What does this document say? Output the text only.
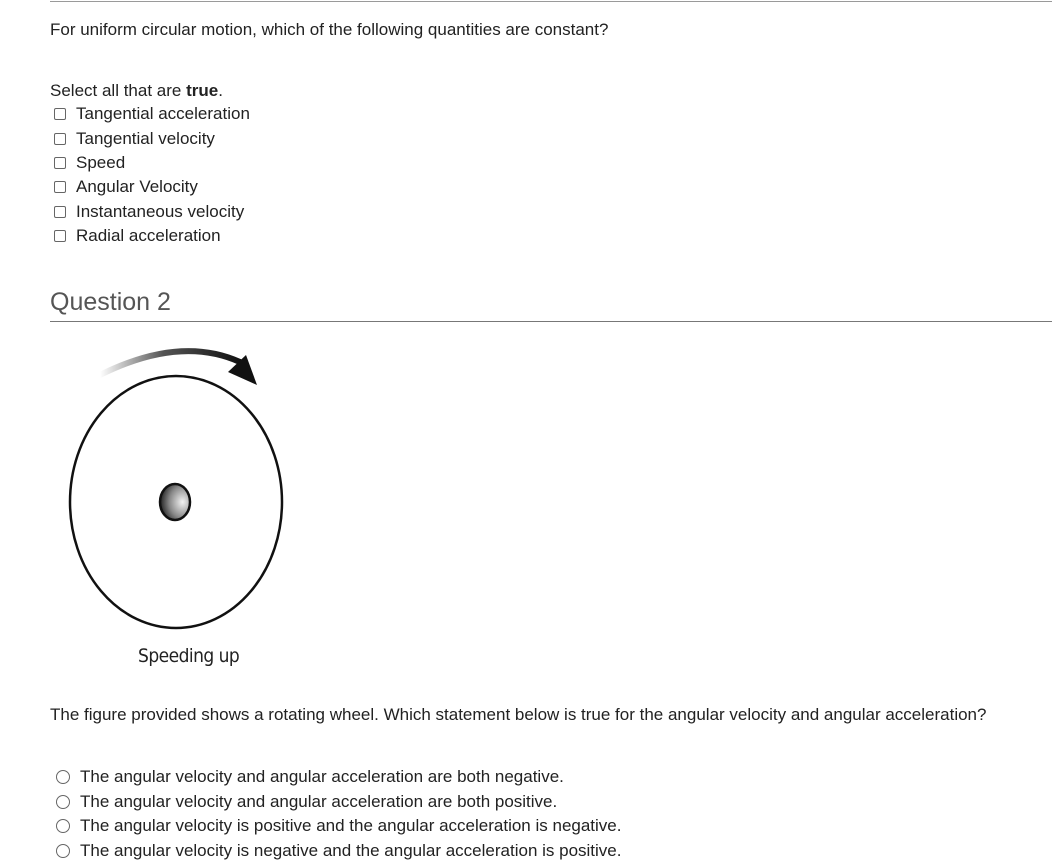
For uniform circular motion, which of the following quantities are constant?
Select all that are true.
Tangential acceleration
Tangential velocity
Speed
Angular Velocity
Instantaneous velocity
Radial acceleration
Question 2
Speeding up
The figure provided shows a rotating wheel. Which statement below is true for the angular velocity and angular acceleration?
The angular velocity and angular acceleration are both negative.
The angular velocity and angular acceleration are both positive.
The angular velocity is positive and the angular acceleration is negative.
The angular velocity is negative and the angular acceleration is positive.
